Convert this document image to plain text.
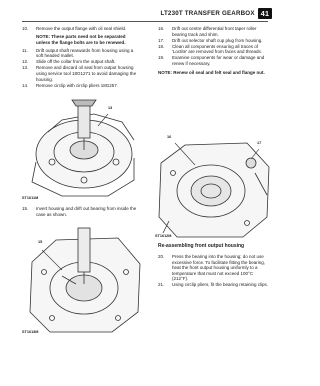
LT230T TRANSFER GEARBOX 41
10.	Remove the output flange with oil seal shield.
NOTE: These parts need not be separated unless the flange bolts are to be renewed.
11.	Drift output shaft rearwards from housing using a soft headed mallet.
12.	Slide off the collar from the output shaft.
13.	Remove and discard oil seal from output housing using service tool 18G1271 to avoid damaging the housing.
14.	Remove circlip with circlip pliers 18G257.
16.	Drift out centre differential front taper roller bearing track and shim.
17.	Drift out selector shaft cup plug from housing.
18.	Clean all components ensuring all traces of 'Loctite' are removed from faces and threads.
19.	Examine components for wear or damage and renew if necessary.
NOTE: Renew oil seal and felt seal and flange nut.
13
ST1611M
16
17
ST1612M
15.	Invert housing and drift out bearing from inside the case as shown.
15
ST1613M
Re-assembling front output housing
20.	Press the bearing into the housing; do not use excessive force. To facilitate fitting the bearing, heat the front output housing uniformly to a temperature that must not exceed 100°C (212°F).
21.	Using circlip pliers, fit the bearing retaining clips.
